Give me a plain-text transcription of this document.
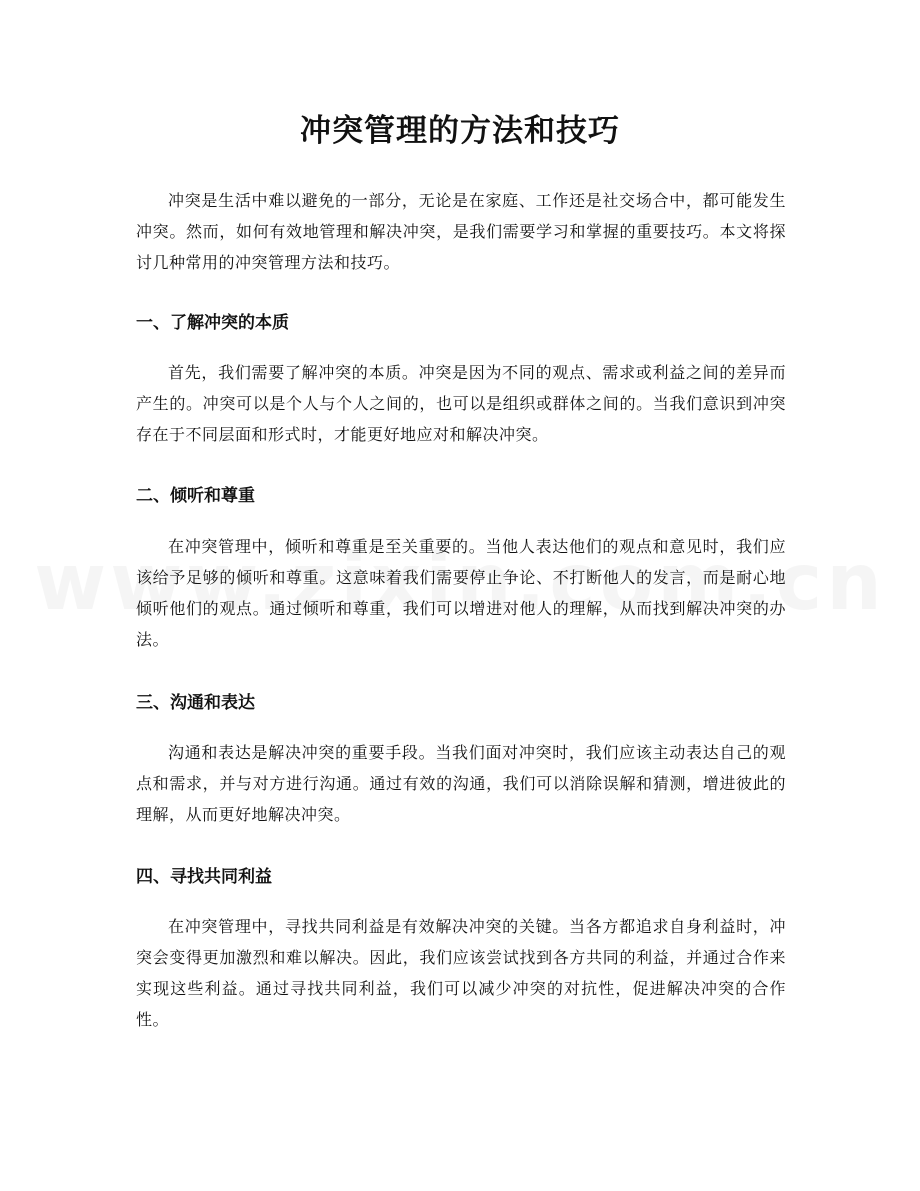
冲突管理的方法和技巧

冲突是生活中难以避免的一部分，无论是在家庭、工作还是社交场合中，都可能发生冲突。然而，如何有效地管理和解决冲突，是我们需要学习和掌握的重要技巧。本文将探讨几种常用的冲突管理方法和技巧。

一、了解冲突的本质

首先，我们需要了解冲突的本质。冲突是因为不同的观点、需求或利益之间的差异而产生的。冲突可以是个人与个人之间的，也可以是组织或群体之间的。当我们意识到冲突存在于不同层面和形式时，才能更好地应对和解决冲突。

二、倾听和尊重

在冲突管理中，倾听和尊重是至关重要的。当他人表达他们的观点和意见时，我们应该给予足够的倾听和尊重。这意味着我们需要停止争论、不打断他人的发言，而是耐心地倾听他们的观点。通过倾听和尊重，我们可以增进对他人的理解，从而找到解决冲突的办法。

三、沟通和表达

沟通和表达是解决冲突的重要手段。当我们面对冲突时，我们应该主动表达自己的观点和需求，并与对方进行沟通。通过有效的沟通，我们可以消除误解和猜测，增进彼此的理解，从而更好地解决冲突。

四、寻找共同利益

在冲突管理中，寻找共同利益是有效解决冲突的关键。当各方都追求自身利益时，冲突会变得更加激烈和难以解决。因此，我们应该尝试找到各方共同的利益，并通过合作来实现这些利益。通过寻找共同利益，我们可以减少冲突的对抗性，促进解决冲突的合作性。
